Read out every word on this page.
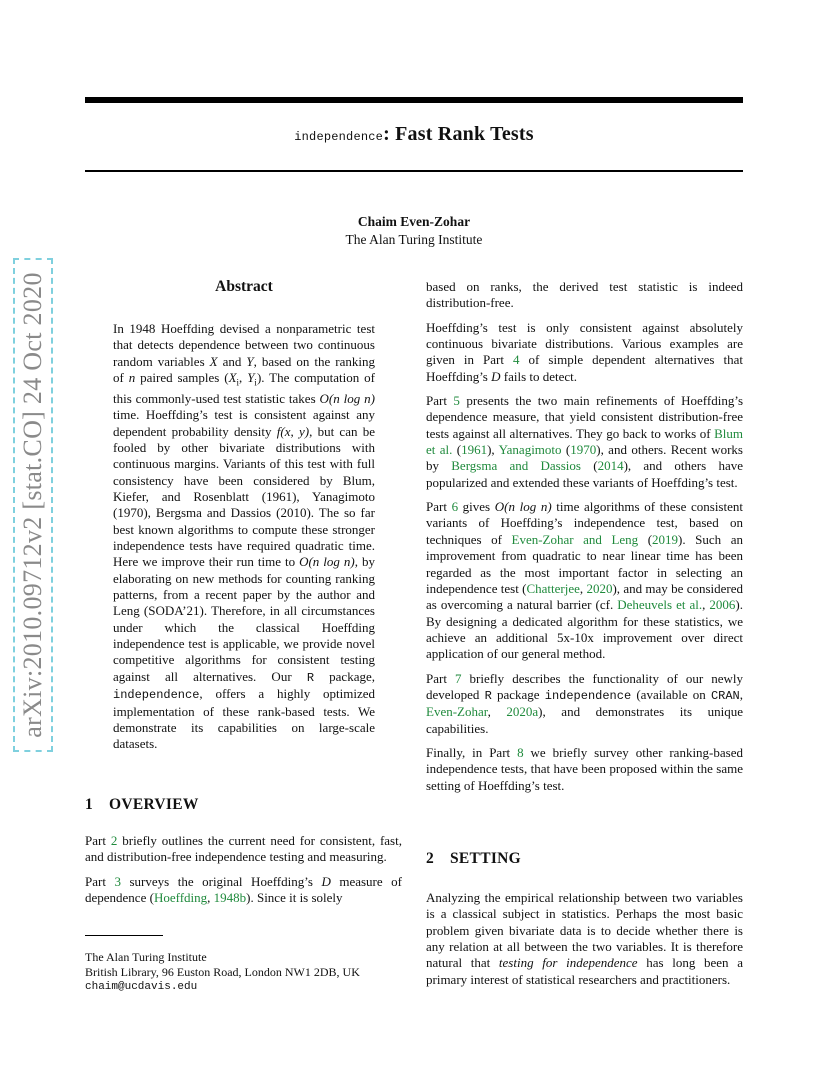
independence: Fast Rank Tests
Chaim Even-Zohar
The Alan Turing Institute
arXiv:2010.09712v2 [stat.CO] 24 Oct 2020	Abstract
In 1948 Hoeffding devised a nonparametric test that detects dependence between two continuous random variables X and Y, based on the ranking of n paired samples ($X_i$, $Y_i$). The computation of this commonly-used test statistic takes O(n log n) time. Hoeffding’s test is consistent against any dependent probability density f(x, y), but can be fooled by other bivariate distributions with continuous margins. Variants of this test with full consistency have been considered by Blum, Kiefer, and Rosenblatt (1961), Yanagimoto (1970), Bergsma and Dassios (2010). The so far best known algorithms to compute these stronger independence tests have required quadratic time. Here we improve their run time to O(n log n), by elaborating on new methods for counting ranking patterns, from a recent paper by the author and Leng (SODA’21). Therefore, in all circumstances under which the classical Hoeffding independence test is applicable, we provide novel competitive algorithms for consistent testing against all alternatives. Our R package, independence, offers a highly optimized implementation of these rank-based tests. We demonstrate its capabilities on large-scale datasets.
1 OVERVIEW

Part 2 briefly outlines the current need for consistent, fast, and distribution-free independence testing and measuring.

Part 3 surveys the original Hoeffding’s D measure of dependence (Hoeffding, 1948b). Since it is solely

The Alan Turing Institute
British Library, 96 Euston Road, London NW1 2DB, UK
chaim@ucdavis.edu

based on ranks, the derived test statistic is indeed distribution-free.

Hoeffding’s test is only consistent against absolutely continuous bivariate distributions. Various examples are given in Part 4 of simple dependent alternatives that Hoeffding’s D fails to detect.

Part 5 presents the two main refinements of Hoeffding’s dependence measure, that yield consistent distribution-free tests against all alternatives. They go back to works of Blum et al. (1961), Yanagimoto (1970), and others. Recent works by Bergsma and Dassios (2014), and others have popularized and extended these variants of Hoeffding’s test.

Part 6 gives O(n log n) time algorithms of these consistent variants of Hoeffding’s independence test, based on techniques of Even-Zohar and Leng (2019). Such an improvement from quadratic to near linear time has been regarded as the most important factor in selecting an independence test (Chatterjee, 2020), and may be considered as overcoming a natural barrier (cf. Deheuvels et al., 2006). By designing a dedicated algorithm for these statistics, we achieve an additional 5x-10x improvement over direct application of our general method.

Part 7 briefly describes the functionality of our newly developed R package independence (available on CRAN, Even-Zohar, 2020a), and demonstrates its unique capabilities.

Finally, in Part 8 we briefly survey other ranking-based independence tests, that have been proposed within the same setting of Hoeffding’s test.

2 SETTING

Analyzing the empirical relationship between two variables is a classical subject in statistics. Perhaps the most basic problem given bivariate data is to decide whether there is any relation at all between the two variables. It is therefore natural that testing for independence has long been a primary interest of statistical researchers and practitioners.
